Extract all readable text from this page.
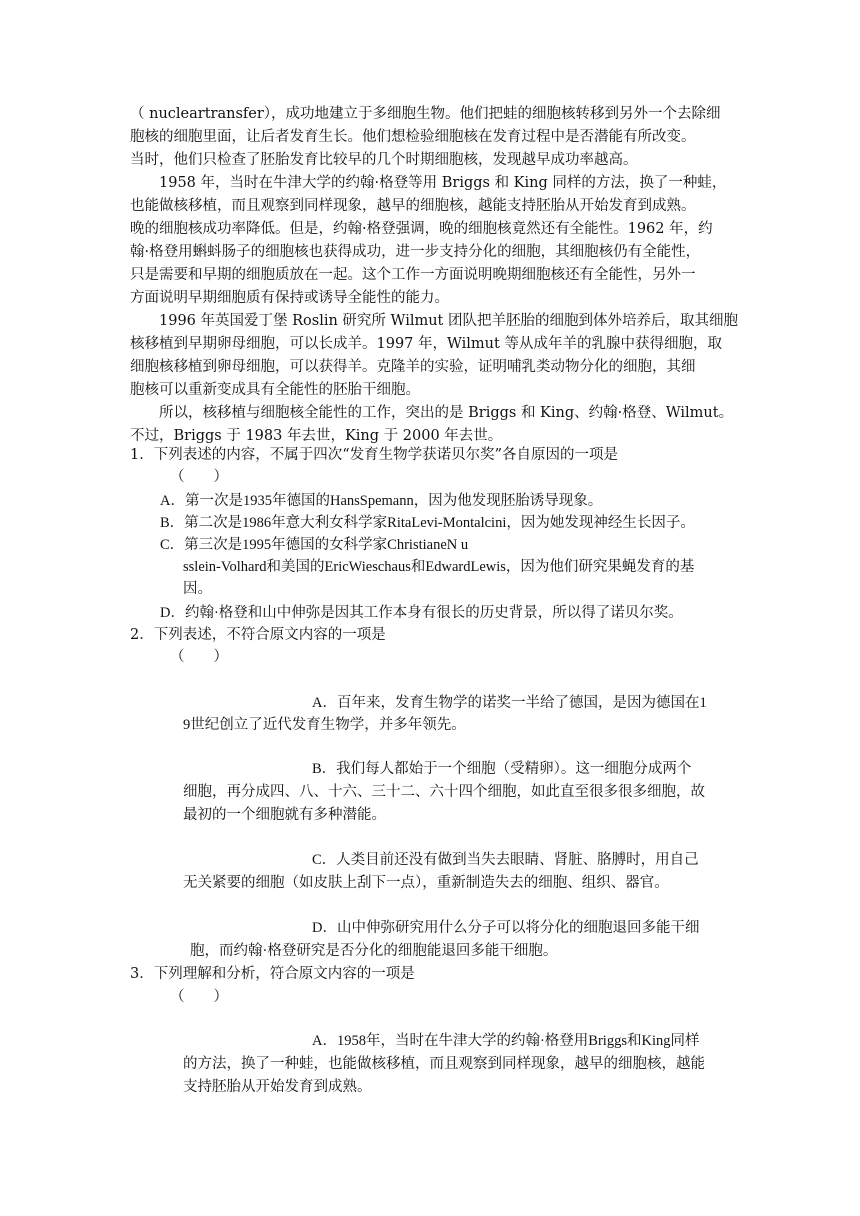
（ nucleartransfer），成功地建立于多细胞生物。他们把蛙的细胞核转移到另外一个去除细
胞核的细胞里面，让后者发育生长。他们想检验细胞核在发育过程中是否潜能有所改变。
当时，他们只检查了胚胎发育比较早的几个时期细胞核，发现越早成功率越高。
1958 年，当时在牛津大学的约翰·格登等用 Briggs 和 King 同样的方法，换了一种蛙，
也能做核移植，而且观察到同样现象，越早的细胞核，越能支持胚胎从开始发育到成熟。
晚的细胞核成功率降低。但是，约翰·格登强调，晚的细胞核竟然还有全能性。1962 年，约
翰·格登用蝌蚪肠子的细胞核也获得成功，进一步支持分化的细胞，其细胞核仍有全能性，
只是需要和早期的细胞质放在一起。这个工作一方面说明晚期细胞核还有全能性，另外一
方面说明早期细胞质有保持或诱导全能性的能力。
1996 年英国爱丁堡 Roslin 研究所 Wilmut 团队把羊胚胎的细胞到体外培养后，取其细胞
核移植到早期卵母细胞，可以长成羊。1997 年，Wilmut 等从成年羊的乳腺中获得细胞，取
细胞核移植到卵母细胞，可以获得羊。克隆羊的实验，证明哺乳类动物分化的细胞，其细
胞核可以重新变成具有全能性的胚胎干细胞。
所以，核移植与细胞核全能性的工作，突出的是 Briggs 和 King、约翰·格登、Wilmut。
不过，Briggs 于 1983 年去世，King 于 2000 年去世。
1．下列表述的内容，不属于四次“发育生物学获诺贝尔奖”各自原因的一项是
（　　）
A．第一次是1935年德国的HansSpemann，因为他发现胚胎诱导现象。
B．第二次是1986年意大利女科学家RitaLevi-Montalcini，因为她发现神经生长因子。
C．第三次是1995年德国的女科学家ChristianeN u
sslein-Volhard和美国的EricWieschaus和EdwardLewis，因为他们研究果蝇发育的基
因。
D．约翰·格登和山中伸弥是因其工作本身有很长的历史背景，所以得了诺贝尔奖。
2．下列表述，不符合原文内容的一项是
（　　）
A．百年来，发育生物学的诺奖一半给了德国，是因为德国在1
9世纪创立了近代发育生物学，并多年领先。
B．我们每人都始于一个细胞（受精卵）。这一细胞分成两个
细胞，再分成四、八、十六、三十二、六十四个细胞，如此直至很多很多细胞，故
最初的一个细胞就有多种潜能。
C．人类目前还没有做到当失去眼睛、肾脏、胳膊时，用自己
无关紧要的细胞（如皮肤上刮下一点），重新制造失去的细胞、组织、器官。
D．山中伸弥研究用什么分子可以将分化的细胞退回多能干细
胞，而约翰·格登研究是否分化的细胞能退回多能干细胞。
3．下列理解和分析，符合原文内容的一项是
（　　）
A．1958年，当时在牛津大学的约翰·格登用Briggs和King同样
的方法，换了一种蛙，也能做核移植，而且观察到同样现象，越早的细胞核，越能
支持胚胎从开始发育到成熟。
